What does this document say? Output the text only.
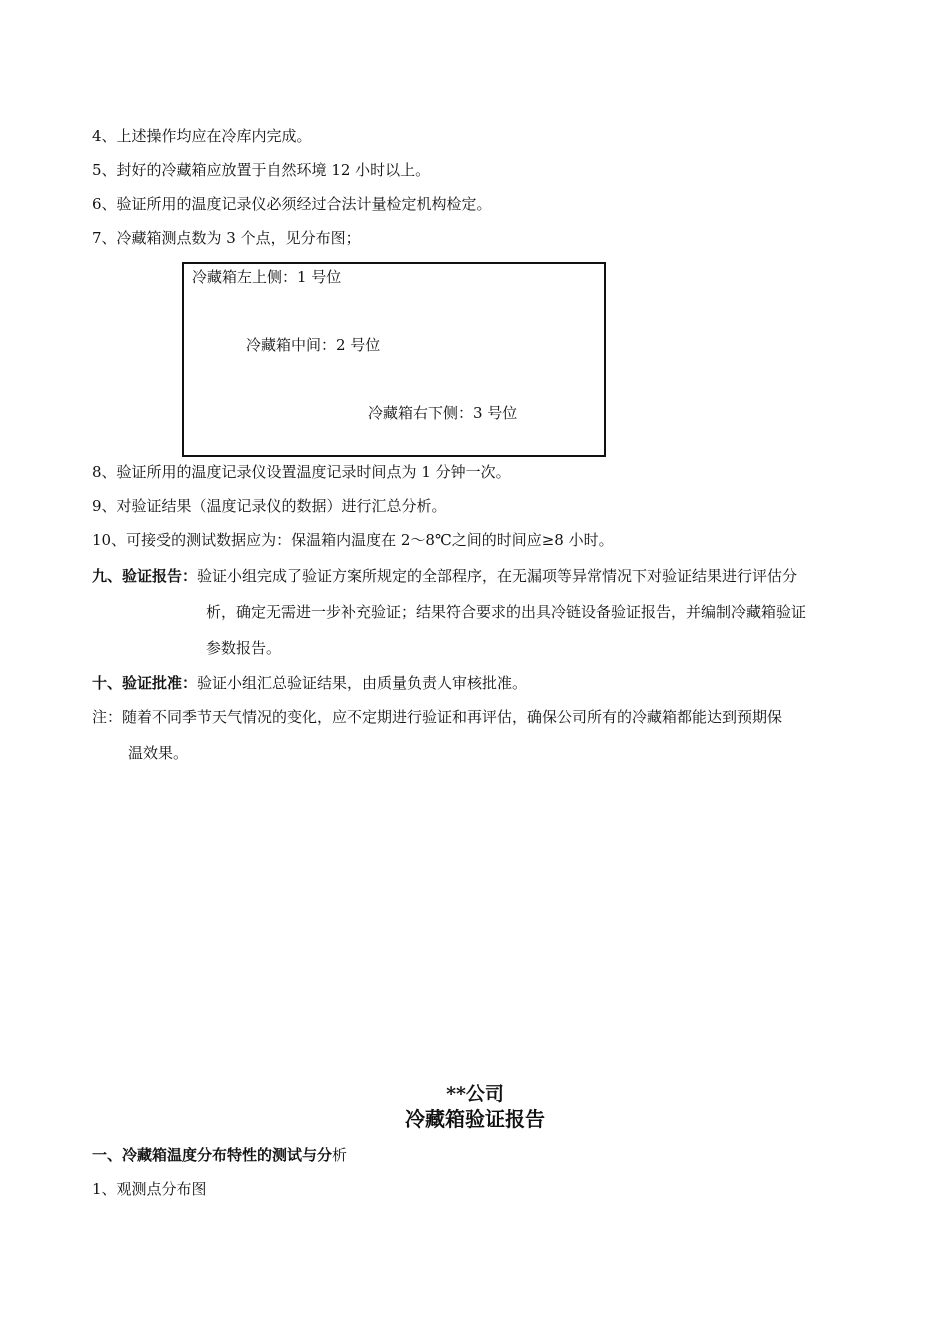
4、上述操作均应在冷库内完成。
5、封好的冷藏箱应放置于自然环境 12 小时以上。
6、验证所用的温度记录仪必须经过合法计量检定机构检定。
7、冷藏箱测点数为 3 个点，见分布图；
冷藏箱左上侧：1 号位
冷藏箱中间：2 号位
冷藏箱右下侧：3 号位
8、验证所用的温度记录仪设置温度记录时间点为 1 分钟一次。
9、对验证结果（温度记录仪的数据）进行汇总分析。
10、可接受的测试数据应为：保温箱内温度在 2～8℃之间的时间应≥8 小时。
九、验证报告：验证小组完成了验证方案所规定的全部程序，在无漏项等异常情况下对验证结果进行评估分
析，确定无需进一步补充验证；结果符合要求的出具冷链设备验证报告，并编制冷藏箱验证
参数报告。
十、验证批准：验证小组汇总验证结果，由质量负责人审核批准。
注：随着不同季节天气情况的变化，应不定期进行验证和再评估，确保公司所有的冷藏箱都能达到预期保
温效果。
**公司
冷藏箱验证报告
一、冷藏箱温度分布特性的测试与分析
1、观测点分布图
